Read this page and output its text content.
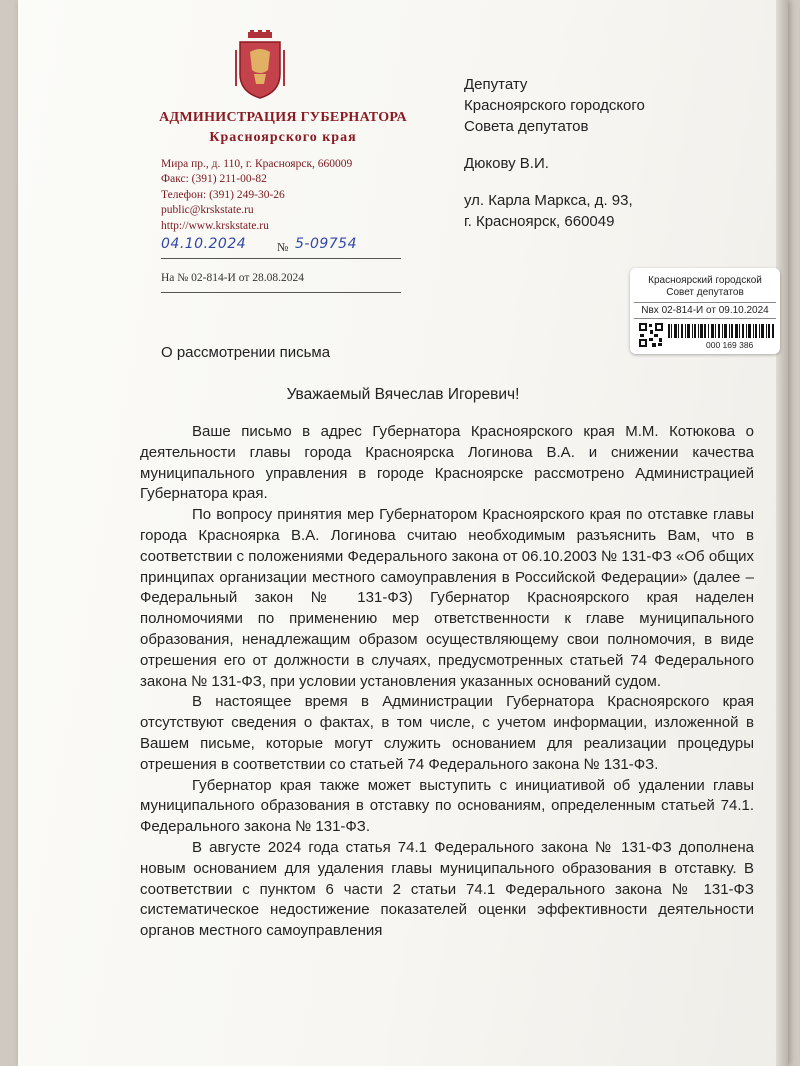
АДМИНИСТРАЦИЯ ГУБЕРНАТОРА
Красноярского края
Мира пр., д. 110, г. Красноярск, 660009
Факс: (391) 211-00-82
Телефон: (391) 249-30-26
public@krskstate.ru
http://www.krskstate.ru
04.10.2024	№ 5-09754
На № 02-814-И от 28.08.2024
Депутату
Красноярского городского
Совета депутатов
Дюкову В.И.
ул. Карла Маркса, д. 93,
г. Красноярск, 660049
Красноярский городской
Совет депутатов
Nвх 02-814-И от 09.10.2024
000 169 386
О рассмотрении письма
Уважаемый Вячеслав Игоревич!

Ваше письмо в адрес Губернатора Красноярского края М.М. Котюкова о деятельности главы города Красноярска Логинова В.А. и снижении качества муниципального управления в городе Красноярске рассмотрено Администрацией Губернатора края.

По вопросу принятия мер Губернатором Красноярского края по отставке главы города Красноярка В.А. Логинова считаю необходимым разъяснить Вам, что в соответствии с положениями Федерального закона от 06.10.2003 № 131-ФЗ «Об общих принципах организации местного самоуправления в Российской Федерации» (далее – Федеральный закон № 131-ФЗ) Губернатор Красноярского края наделен полномочиями по применению мер ответственности к главе муниципального образования, ненадлежащим образом осуществляющему свои полномочия, в виде отрешения его от должности в случаях, предусмотренных статьей 74 Федерального закона № 131-ФЗ, при условии установления указанных оснований судом.

В настоящее время в Администрации Губернатора Красноярского края отсутствуют сведения о фактах, в том числе, с учетом информации, изложенной в Вашем письме, которые могут служить основанием для реализации процедуры отрешения в соответствии со статьей 74 Федерального закона № 131-ФЗ.

Губернатор края также может выступить с инициативой об удалении главы муниципального образования в отставку по основаниям, определенным статьей 74.1. Федерального закона № 131-ФЗ.

В августе 2024 года статья 74.1 Федерального закона № 131-ФЗ дополнена новым основанием для удаления главы муниципального образования в отставку. В соответствии с пунктом 6 части 2 статьи 74.1 Федерального закона № 131-ФЗ систематическое недостижение показателей оценки эффективности деятельности органов местного самоуправления
